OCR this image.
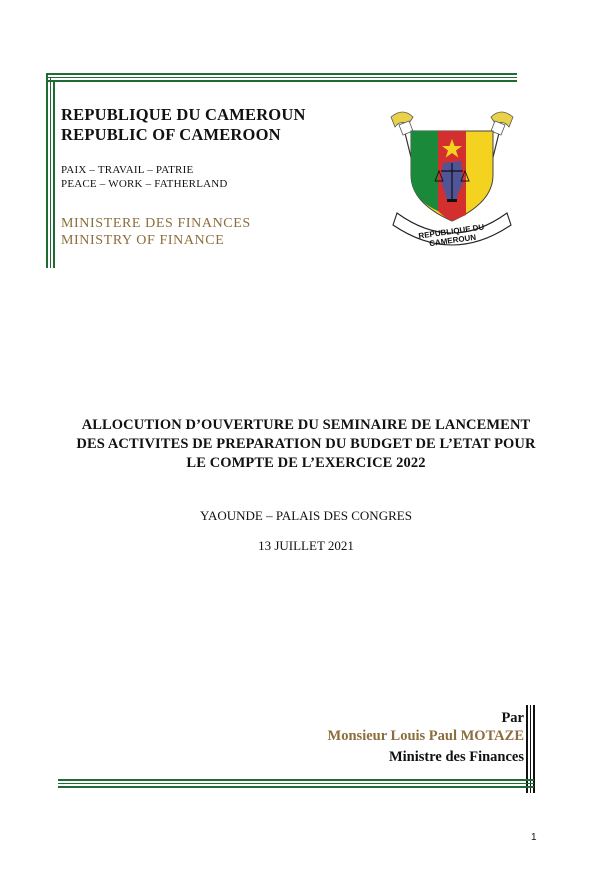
REPUBLIQUE DU CAMEROUN
REPUBLIC OF CAMEROON
PAIX – TRAVAIL – PATRIE
PEACE – WORK – FATHERLAND
MINISTERE DES FINANCES
MINISTRY OF FINANCE	REPUBLIQUE DU CAMEROUN
ALLOCUTION D’OUVERTURE DU SEMINAIRE DE LANCEMENT
DES ACTIVITES DE PREPARATION DU BUDGET DE L’ETAT POUR
LE COMPTE DE L’EXERCICE 2022
YAOUNDE – PALAIS DES CONGRES
13 JUILLET 2021
Par
Monsieur Louis Paul MOTAZE
Ministre des Finances
1
